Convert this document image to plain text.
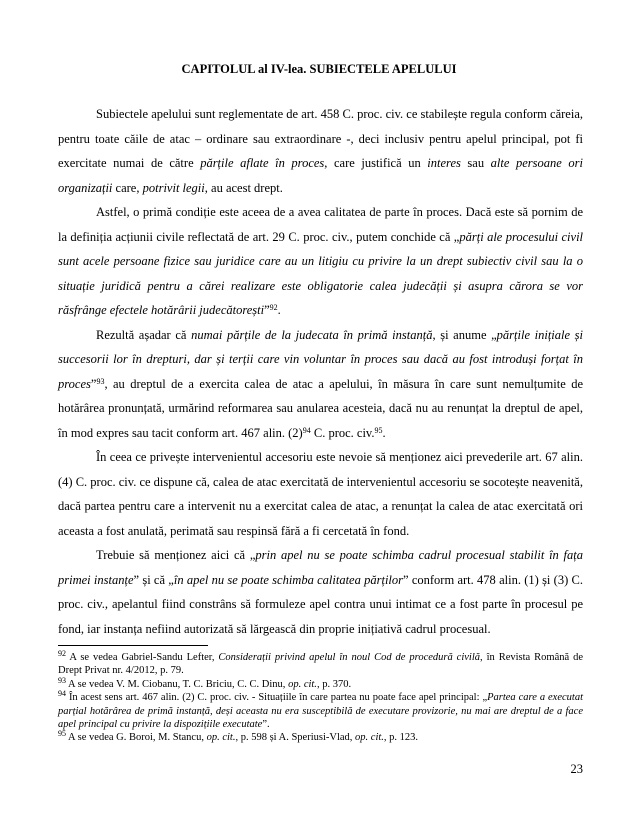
CAPITOLUL al IV-lea. SUBIECTELE APELULUI

Subiectele apelului sunt reglementate de art. 458 C. proc. civ. ce stabilește regula conform căreia, pentru toate căile de atac – ordinare sau extraordinare -, deci inclusiv pentru apelul principal, pot fi exercitate numai de către părțile aflate în proces, care justifică un interes sau alte persoane ori organizații care, potrivit legii, au acest drept.

Astfel, o primă condiție este aceea de a avea calitatea de parte în proces. Dacă este să pornim de la definiția acțiunii civile reflectată de art. 29 C. proc. civ., putem conchide că „părți ale procesului civil sunt acele persoane fizice sau juridice care au un litigiu cu privire la un drept subiectiv civil sau la o situație juridică pentru a cărei realizare este obligatorie calea judecății și asupra cărora se vor răsfrânge efectele hotărârii judecătorești”$^{92}$.

Rezultă așadar că numai părțile de la judecata în primă instanță, și anume „părțile inițiale și succesorii lor în drepturi, dar și terții care vin voluntar în proces sau dacă au fost introduși forțat în proces”$^{93}$, au dreptul de a exercita calea de atac a apelului, în măsura în care sunt nemulțumite de hotărârea pronunțată, urmărind reformarea sau anularea acesteia, dacă nu au renunțat la dreptul de apel, în mod expres sau tacit conform art. 467 alin. $(2)^{94}$ C. proc. civ.$^{95}$.

În ceea ce privește intervenientul accesoriu este nevoie să menționez aici prevederile art. 67 alin. (4) C. proc. civ. ce dispune că, calea de atac exercitată de intervenientul accesoriu se socotește neavenită, dacă partea pentru care a intervenit nu a exercitat calea de atac, a renunțat la calea de atac exercitată ori aceasta a fost anulată, perimată sau respinsă fără a fi cercetată în fond.

Trebuie să menționez aici că „prin apel nu se poate schimba cadrul procesual stabilit în fața primei instanțe” și că „în apel nu se poate schimba calitatea părților” conform art. 478 alin. (1) și (3) C. proc. civ., apelantul fiind constrâns să formuleze apel contra unui intimat ce a fost parte în procesul pe fond, iar instanța nefiind autorizată să lărgească din proprie inițiativă cadrul procesual.

$^{92}$ A se vedea Gabriel-Sandu Lefter, Considerații privind apelul în noul Cod de procedură civilă, în Revista Română de Drept Privat nr. 4/2012, p. 79.

$^{93}$ A se vedea V. M. Ciobanu, T. C. Briciu, C. C. Dinu, op. cit., p. 370.

$^{94}$ În acest sens art. 467 alin. (2) C. proc. civ. - Situațiile în care partea nu poate face apel principal: „Partea care a executat parțial hotărârea de primă instanță, deși aceasta nu era susceptibilă de executare provizorie, nu mai are dreptul de a face apel principal cu privire la dispozițiile executate”.

$^{95}$ A se vedea G. Boroi, M. Stancu, op. cit., p. 598 și A. Speriusi-Vlad, op. cit., p. 123.

23
